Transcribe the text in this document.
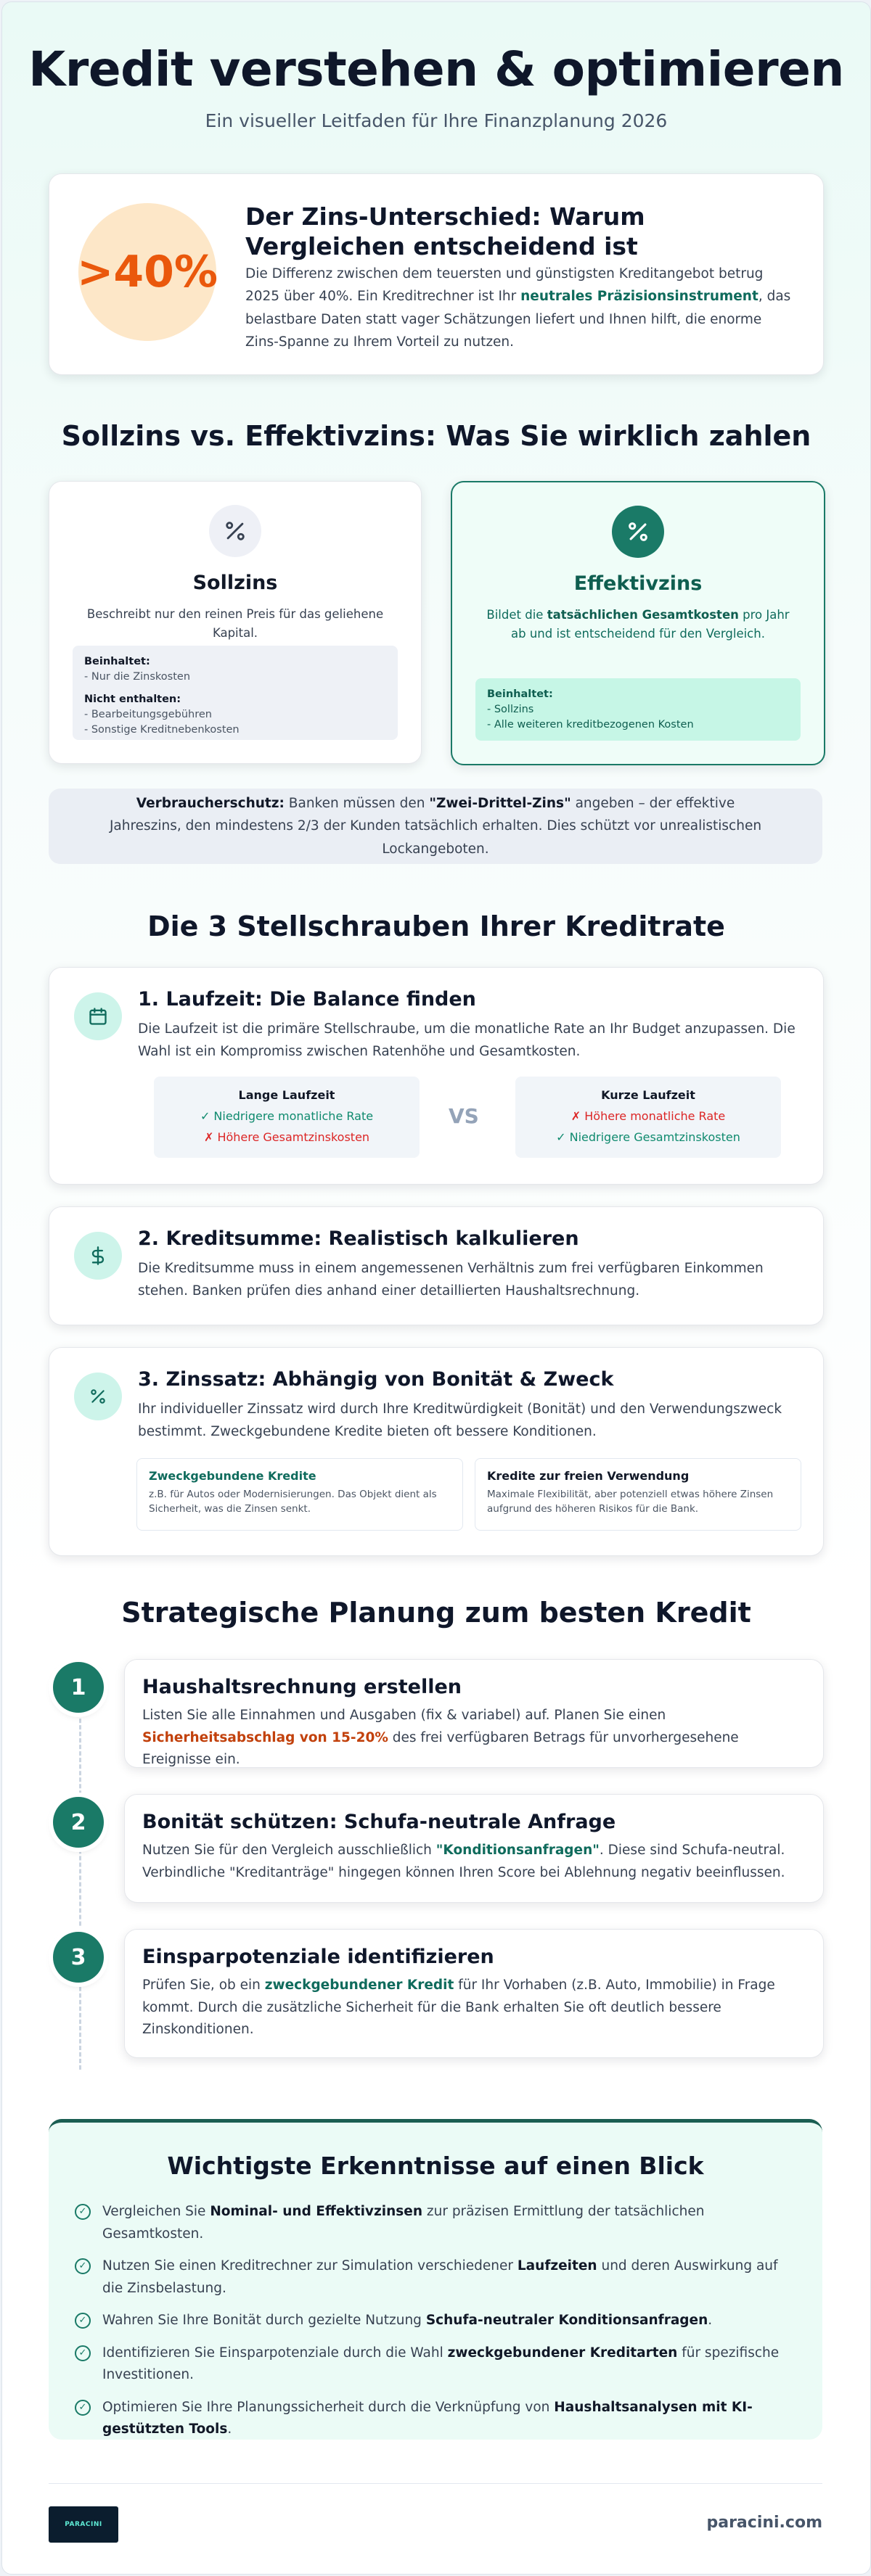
Kredit verstehen & optimieren
Ein visueller Leitfaden für Ihre Finanzplanung 2026
>40%
Der Zins-Unterschied: Warum Vergleichen entscheidend ist

Die Differenz zwischen dem teuersten und günstigsten Kreditangebot betrug 2025 über 40%. Ein Kreditrechner ist Ihr neutrales Präzisionsinstrument, das belastbare Daten statt vager Schätzungen liefert und Ihnen hilft, die enorme Zins-Spanne zu Ihrem Vorteil zu nutzen.

Sollzins vs. Effektivzins: Was Sie wirklich zahlen
Sollzins
Beschreibt nur den reinen Preis für das geliehene Kapital.
Beinhaltet:
- Nur die Zinskosten
Nicht enthalten:
- Bearbeitungsgebühren
- Sonstige Kreditnebenkosten
Effektivzins
Bildet die tatsächlichen Gesamtkosten pro Jahr ab und ist entscheidend für den Vergleich.
Beinhaltet:
- Sollzins
- Alle weiteren kreditbezogenen Kosten
Verbraucherschutz: Banken müssen den "Zwei-Drittel-Zins" angeben – der effektive Jahreszins, den mindestens 2/3 der Kunden tatsächlich erhalten. Dies schützt vor unrealistischen Lockangeboten.
Die 3 Stellschrauben Ihrer Kreditrate
1. Laufzeit: Die Balance finden

Die Laufzeit ist die primäre Stellschraube, um die monatliche Rate an Ihr Budget anzupassen. Die Wahl ist ein Kompromiss zwischen Ratenhöhe und Gesamtkosten.

Lange Laufzeit
✓ Niedrigere monatliche Rate
✗ Höhere Gesamtzinskosten
VS
Kurze Laufzeit
✗ Höhere monatliche Rate
✓ Niedrigere Gesamtzinskosten
2. Kreditsumme: Realistisch kalkulieren

Die Kreditsumme muss in einem angemessenen Verhältnis zum frei verfügbaren Einkommen stehen. Banken prüfen dies anhand einer detaillierten Haushaltsrechnung.

3. Zinssatz: Abhängig von Bonität & Zweck

Ihr individueller Zinssatz wird durch Ihre Kreditwürdigkeit (Bonität) und den Verwendungszweck bestimmt. Zweckgebundene Kredite bieten oft bessere Konditionen.

Zweckgebundene Kredite
z.B. für Autos oder Modernisierungen. Das Objekt dient als Sicherheit, was die Zinsen senkt.
Kredite zur freien Verwendung
Maximale Flexibilität, aber potenziell etwas höhere Zinsen aufgrund des höheren Risikos für die Bank.
Strategische Planung zum besten Kredit
1	Haushaltsrechnung erstellen

Listen Sie alle Einnahmen und Ausgaben (fix & variabel) auf. Planen Sie einen Sicherheitsabschlag von 15-20% des frei verfügbaren Betrags für unvorhergesehene Ereignisse ein.

2	Bonität schützen: Schufa-neutrale Anfrage

Nutzen Sie für den Vergleich ausschließlich "Konditionsanfragen". Diese sind Schufa-neutral. Verbindliche "Kreditanträge" hingegen können Ihren Score bei Ablehnung negativ beeinflussen.

3	Einsparpotenziale identifizieren

Prüfen Sie, ob ein zweckgebundener Kredit für Ihr Vorhaben (z.B. Auto, Immobilie) in Frage kommt. Durch die zusätzliche Sicherheit für die Bank erhalten Sie oft deutlich bessere Zinskonditionen.

Wichtigste Erkenntnisse auf einen Blick
✓ Vergleichen Sie Nominal- und Effektivzinsen zur präzisen Ermittlung der tatsächlichen Gesamtkosten.
✓ Nutzen Sie einen Kreditrechner zur Simulation verschiedener Laufzeiten und deren Auswirkung auf die Zinsbelastung.
✓ Wahren Sie Ihre Bonität durch gezielte Nutzung Schufa-neutraler Konditionsanfragen.
✓ Identifizieren Sie Einsparpotenziale durch die Wahl zweckgebundener Kreditarten für spezifische Investitionen.
✓ Optimieren Sie Ihre Planungssicherheit durch die Verknüpfung von Haushaltsanalysen mit KI-gestützten Tools.
PARACINI	paracini.com
